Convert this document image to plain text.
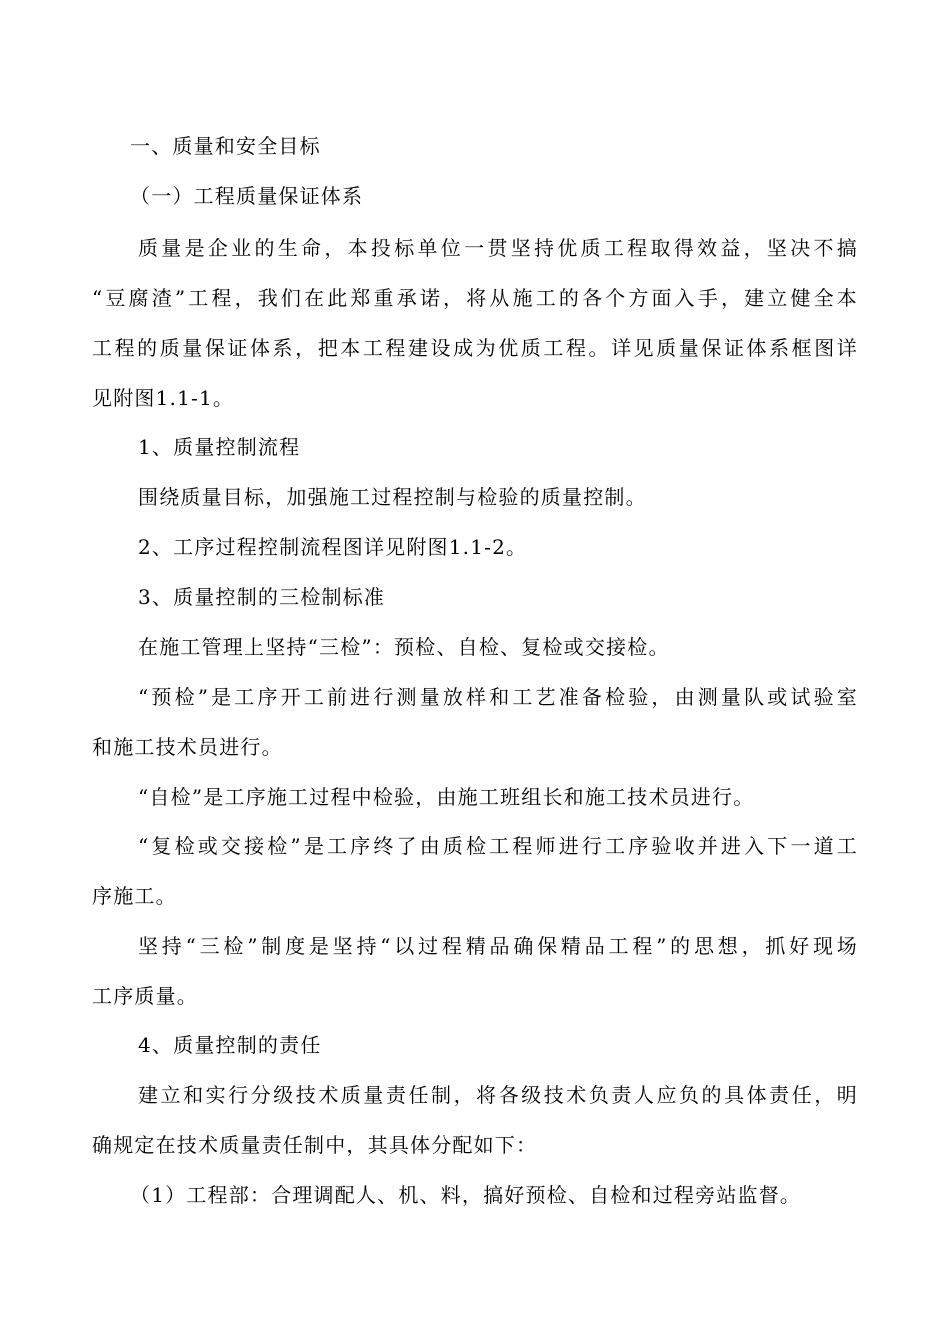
一、质量和安全目标
（一）工程质量保证体系
质量是企业的生命，本投标单位一贯坚持优质工程取得效益，坚决不搞
“豆腐渣”工程，我们在此郑重承诺，将从施工的各个方面入手，建立健全本
工程的质量保证体系，把本工程建设成为优质工程。详见质量保证体系框图详
见附图1.1-1。
1、质量控制流程
围绕质量目标，加强施工过程控制与检验的质量控制。
2、工序过程控制流程图详见附图1.1-2。
3、质量控制的三检制标准
在施工管理上坚持“三检”：预检、自检、复检或交接检。
“预检”是工序开工前进行测量放样和工艺准备检验，由测量队或试验室
和施工技术员进行。
“自检”是工序施工过程中检验，由施工班组长和施工技术员进行。
“复检或交接检”是工序终了由质检工程师进行工序验收并进入下一道工
序施工。
坚持“三检”制度是坚持“以过程精品确保精品工程”的思想，抓好现场
工序质量。
4、质量控制的责任
建立和实行分级技术质量责任制，将各级技术负责人应负的具体责任，明
确规定在技术质量责任制中，其具体分配如下：
（1）工程部：合理调配人、机、料，搞好预检、自检和过程旁站监督。
